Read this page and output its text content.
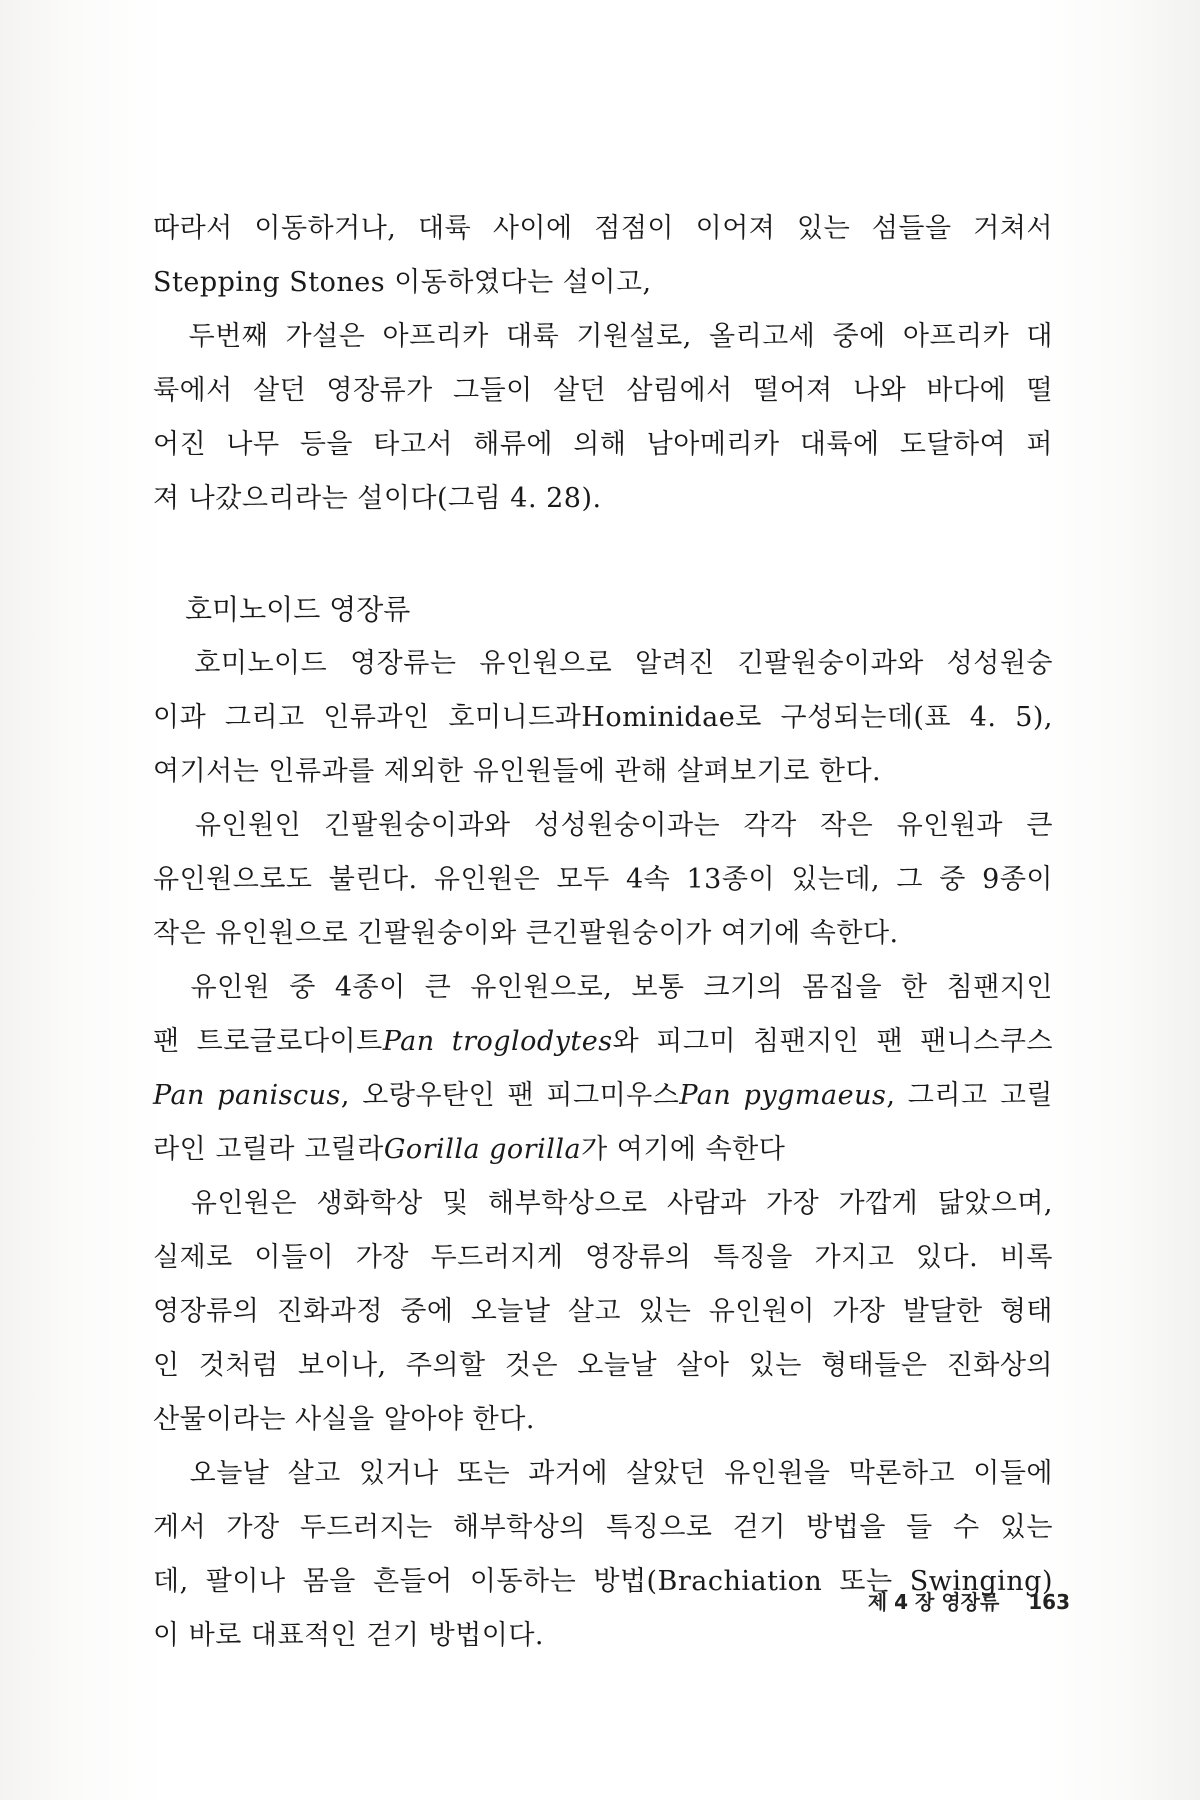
따라서 이동하거나, 대륙 사이에 점점이 이어져 있는 섬들을 거쳐서
Stepping Stones 이동하였다는 설이고,
　두번째 가설은 아프리카 대륙 기원설로, 올리고세 중에 아프리카 대
륙에서 살던 영장류가 그들이 살던 삼림에서 떨어져 나와 바다에 떨
어진 나무 등을 타고서 해류에 의해 남아메리카 대륙에 도달하여 퍼
져 나갔으리라는 설이다(그림 4. 28).
호미노이드 영장류
　호미노이드 영장류는 유인원으로 알려진 긴팔원숭이과와 성성원숭
이과 그리고 인류과인 호미니드과Hominidae로 구성되는데(표 4. 5),
여기서는 인류과를 제외한 유인원들에 관해 살펴보기로 한다.
　유인원인 긴팔원숭이과와 성성원숭이과는 각각 작은 유인원과 큰
유인원으로도 불린다. 유인원은 모두 4속 13종이 있는데, 그 중 9종이
작은 유인원으로 긴팔원숭이와 큰긴팔원숭이가 여기에 속한다.
　유인원 중 4종이 큰 유인원으로, 보통 크기의 몸집을 한 침팬지인
팬 트로글로다이트Pan troglodytes와 피그미 침팬지인 팬 팬니스쿠스
Pan paniscus, 오랑우탄인 팬 피그미우스Pan pygmaeus, 그리고 고릴
라인 고릴라 고릴라Gorilla gorilla가 여기에 속한다
　유인원은 생화학상 및 해부학상으로 사람과 가장 가깝게 닮았으며,
실제로 이들이 가장 두드러지게 영장류의 특징을 가지고 있다. 비록
영장류의 진화과정 중에 오늘날 살고 있는 유인원이 가장 발달한 형태
인 것처럼 보이나, 주의할 것은 오늘날 살아 있는 형태들은 진화상의
산물이라는 사실을 알아야 한다.
　오늘날 살고 있거나 또는 과거에 살았던 유인원을 막론하고 이들에
게서 가장 두드러지는 해부학상의 특징으로 걷기 방법을 들 수 있는
데, 팔이나 몸을 흔들어 이동하는 방법(Brachiation 또는 Swinging)
이 바로 대표적인 걷기 방법이다.
제 4 장 영장류 163
